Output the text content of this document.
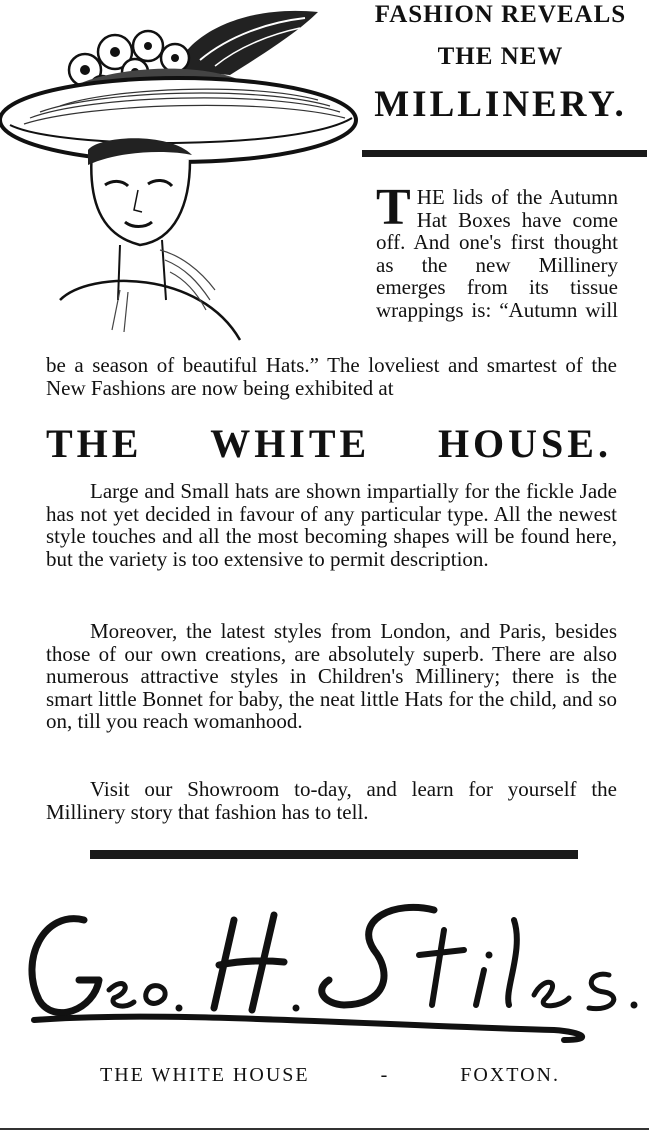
FASHION REVEALS
THE NEW
MILLINERY.
T HE lids of the Autumn Hat Boxes have come off. And one's first thought as the new Millinery emerges from its tissue wrappings is: “Autumn will

be a season of beautiful Hats.” The loveliest and smartest of the New Fashions are now being exhibited at

THE WHITE HOUSE.

Large and Small hats are shown impartially for the fickle Jade has not yet decided in favour of any particular type. All the newest style touches and all the most becoming shapes will be found here, but the variety is too extensive to permit description.

Moreover, the latest styles from London, and Paris, besides those of our own creations, are absolutely superb. There are also numerous attractive styles in Children's Millinery; there is the smart little Bonnet for baby, the neat little Hats for the child, and so on, till you reach womanhood.

Visit our Showroom to-day, and learn for yourself the Millinery story that fashion has to tell.

THE WHITE HOUSE	-	FOXTON.
